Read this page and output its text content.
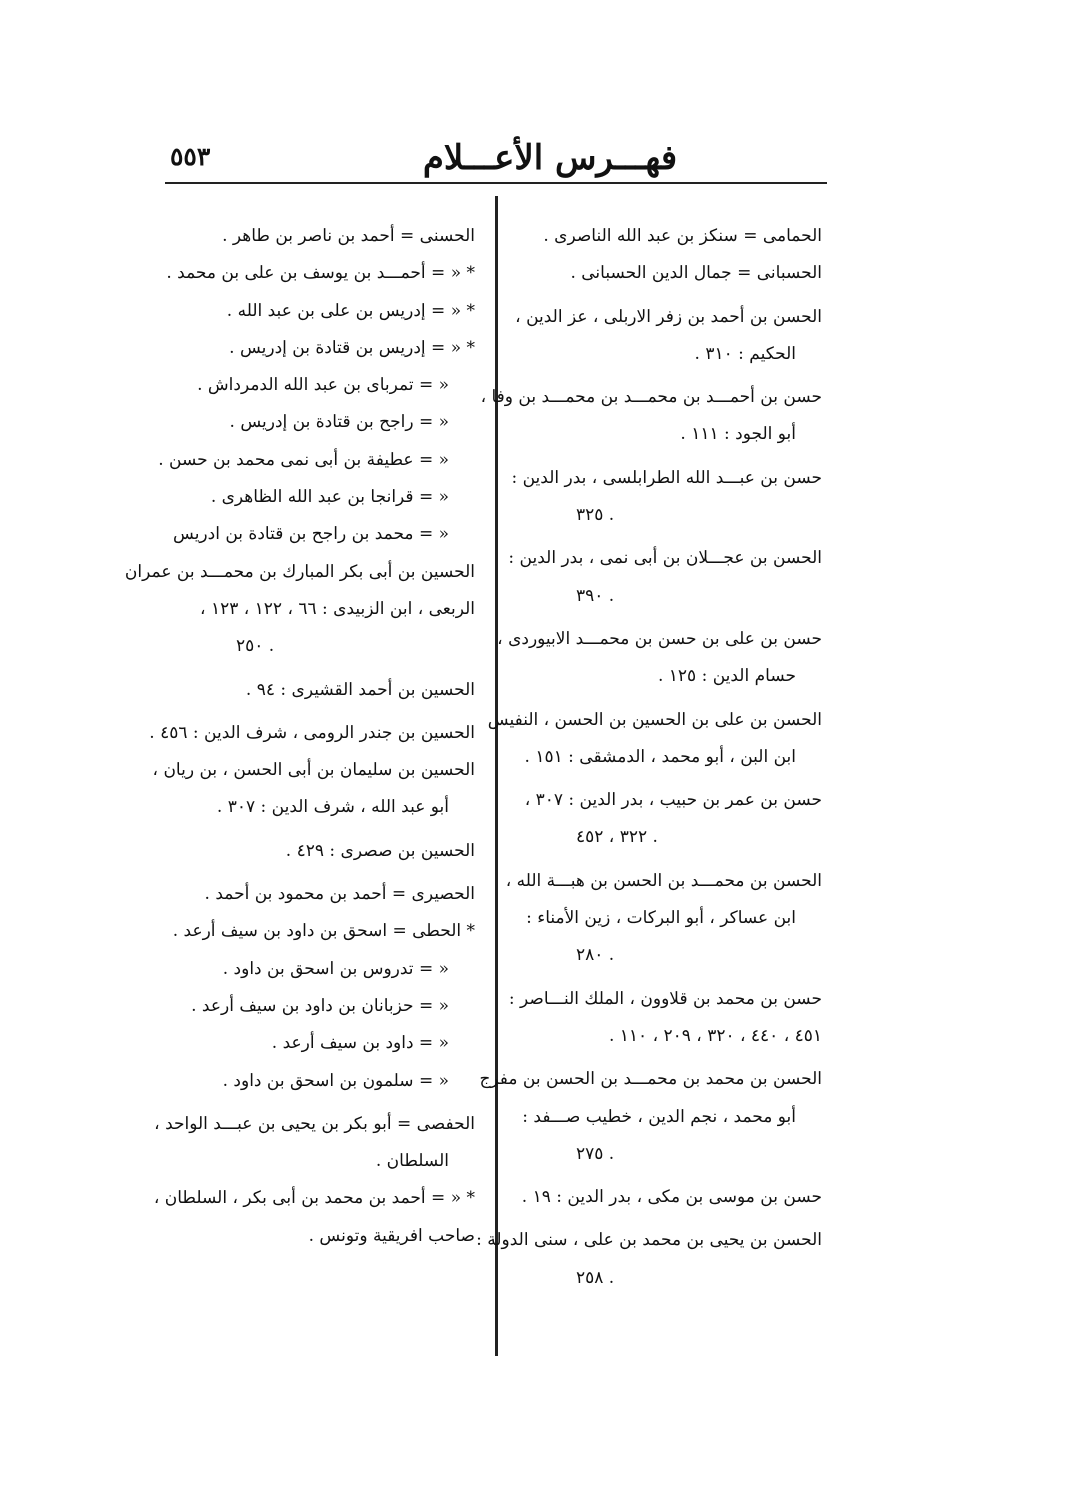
٥٥٣	فهـــرس الأعـــلام
الحمامى = سنكز بن عبد الله الناصرى .
الحسبانى = جمال الدين الحسبانى .
الحسن بن أحمد بن زفر الاربلى ، عز الدين ،
الحكيم : ٣١٠ .
حسن بن أحمـــد بن محمـــد بن محمـــد بن وفا ،
أبو الجود : ١١١ .
حسن بن عبـــد الله الطرابلسى ، بدر الدين :
. ٣٢٥
الحسن بن عجـــلان بن أبى نمى ، بدر الدين :
. ٣٩٠
حسن بن على بن حسن بن محمـــد الابيوردى ،
حسام الدين : ١٢٥ .
الحسن بن على بن الحسين بن الحسن ، النفيس
ابن البن ، أبو محمد ، الدمشقى : ١٥١ .
حسن بن عمر بن حبيب ، بدر الدين : ٣٠٧ ،
. ٣٢٢ ، ٤٥٢
الحسن بن محمـــد بن الحسن بن هبـــة الله ،
ابن عساكر ، أبو البركات ، زين الأمناء :
. ٢٨٠
حسن بن محمد بن قلاوون ، الملك النـــاصر :
٤٥١ ، ٤٤٠ ، ٣٢٠ ، ٢٠٩ ، ١١٠ .
الحسن بن محمد بن محمـــد بن الحسن بن مفرج
أبو محمد ، نجم الدين ، خطيب صـــفد :
. ٢٧٥
حسن بن موسى بن مكى ، بدر الدين : ١٩ .
الحسن بن يحيى بن محمد بن على ، سنى الدولة :
. ٢٥٨
الحسنى = أحمد بن ناصر بن طاهر .
* « = أحمـــد بن يوسف بن على بن محمد .
* « = إدريس بن على بن عبد الله .
* « = إدريس بن قتادة بن إدريس .
« = تمرباى بن عبد الله الدمرداش .
« = راجح بن قتادة بن إدريس .
« = عطيفة بن أبى نمى محمد بن حسن .
« = قرانجا بن عبد الله الظاهرى .
« = محمد بن راجح بن قتادة بن ادريس
الحسين بن أبى بكر المبارك بن محمـــد بن عمران
الربعى ، ابن الزبيدى : ٦٦ ، ١٢٢ ، ١٢٣ ،
. ٢٥٠
الحسين بن أحمد القشيرى : ٩٤ .
الحسين بن جندر الرومى ، شرف الدين : ٤٥٦ .
الحسين بن سليمان بن أبى الحسن ، بن ريان ،
أبو عبد الله ، شرف الدين : ٣٠٧ .
الحسين بن صصرى : ٤٢٩ .
الحصيرى = أحمد بن محمود بن أحمد .
* الحطى = اسحق بن داود بن سيف أرعد .
« = تدروس بن اسحق بن داود .
« = حزبانان بن داود بن سيف أرعد .
« = داود بن سيف أرعد .
« = سلمون بن اسحق بن داود .
الحفصى = أبو بكر بن يحيى بن عبـــد الواحد ،
السلطان .
* « = أحمد بن محمد بن أبى بكر ، السلطان ،
صاحب افريقية وتونس .
